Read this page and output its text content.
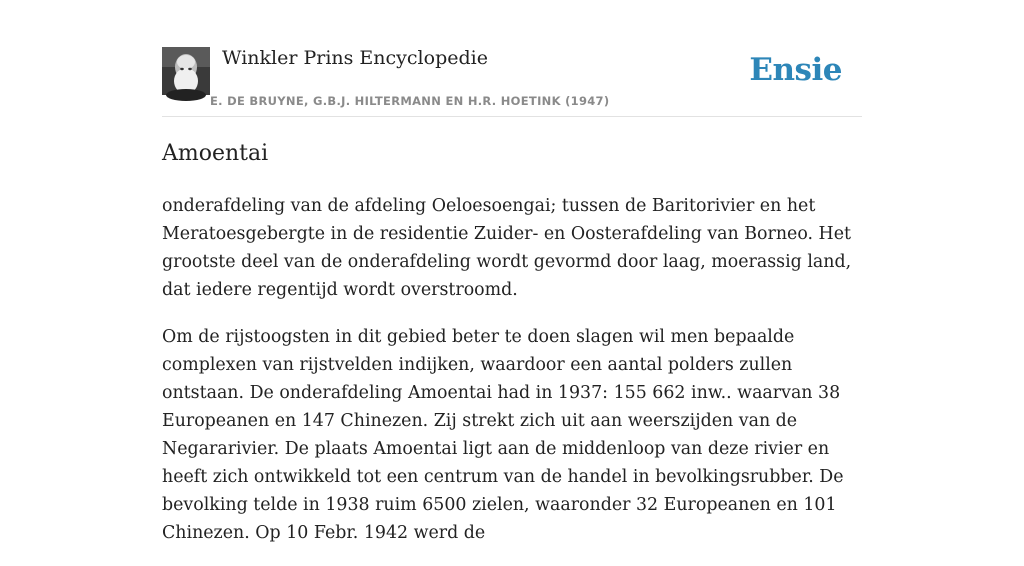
Winkler Prins Encyclopedie
E. DE BRUYNE, G.B.J. HILTERMANN EN H.R. HOETINK (1947)
Ensie
Amoentai

onderafdeling van de afdeling Oeloesoengai; tussen de Baritorivier en het Meratoesgebergte in de residentie Zuider- en Oosterafdeling van Borneo. Het grootste deel van de onderafdeling wordt gevormd door laag, moerassig land, dat iedere regentijd wordt overstroomd.

Om de rijstoogsten in dit gebied beter te doen slagen wil men bepaalde complexen van rijstvelden indijken, waardoor een aantal polders zullen ontstaan. De onderafdeling Amoentai had in 1937: 155 662 inw.. waarvan 38 Europeanen en 147 Chinezen. Zij strekt zich uit aan weerszijden van de Negararivier. De plaats Amoentai ligt aan de middenloop van deze rivier en heeft zich ontwikkeld tot een centrum van de handel in bevolkingsrubber. De bevolking telde in 1938 ruim 6500 zielen, waaronder 32 Europeanen en 101 Chinezen. Op 10 Febr. 1942 werd de
